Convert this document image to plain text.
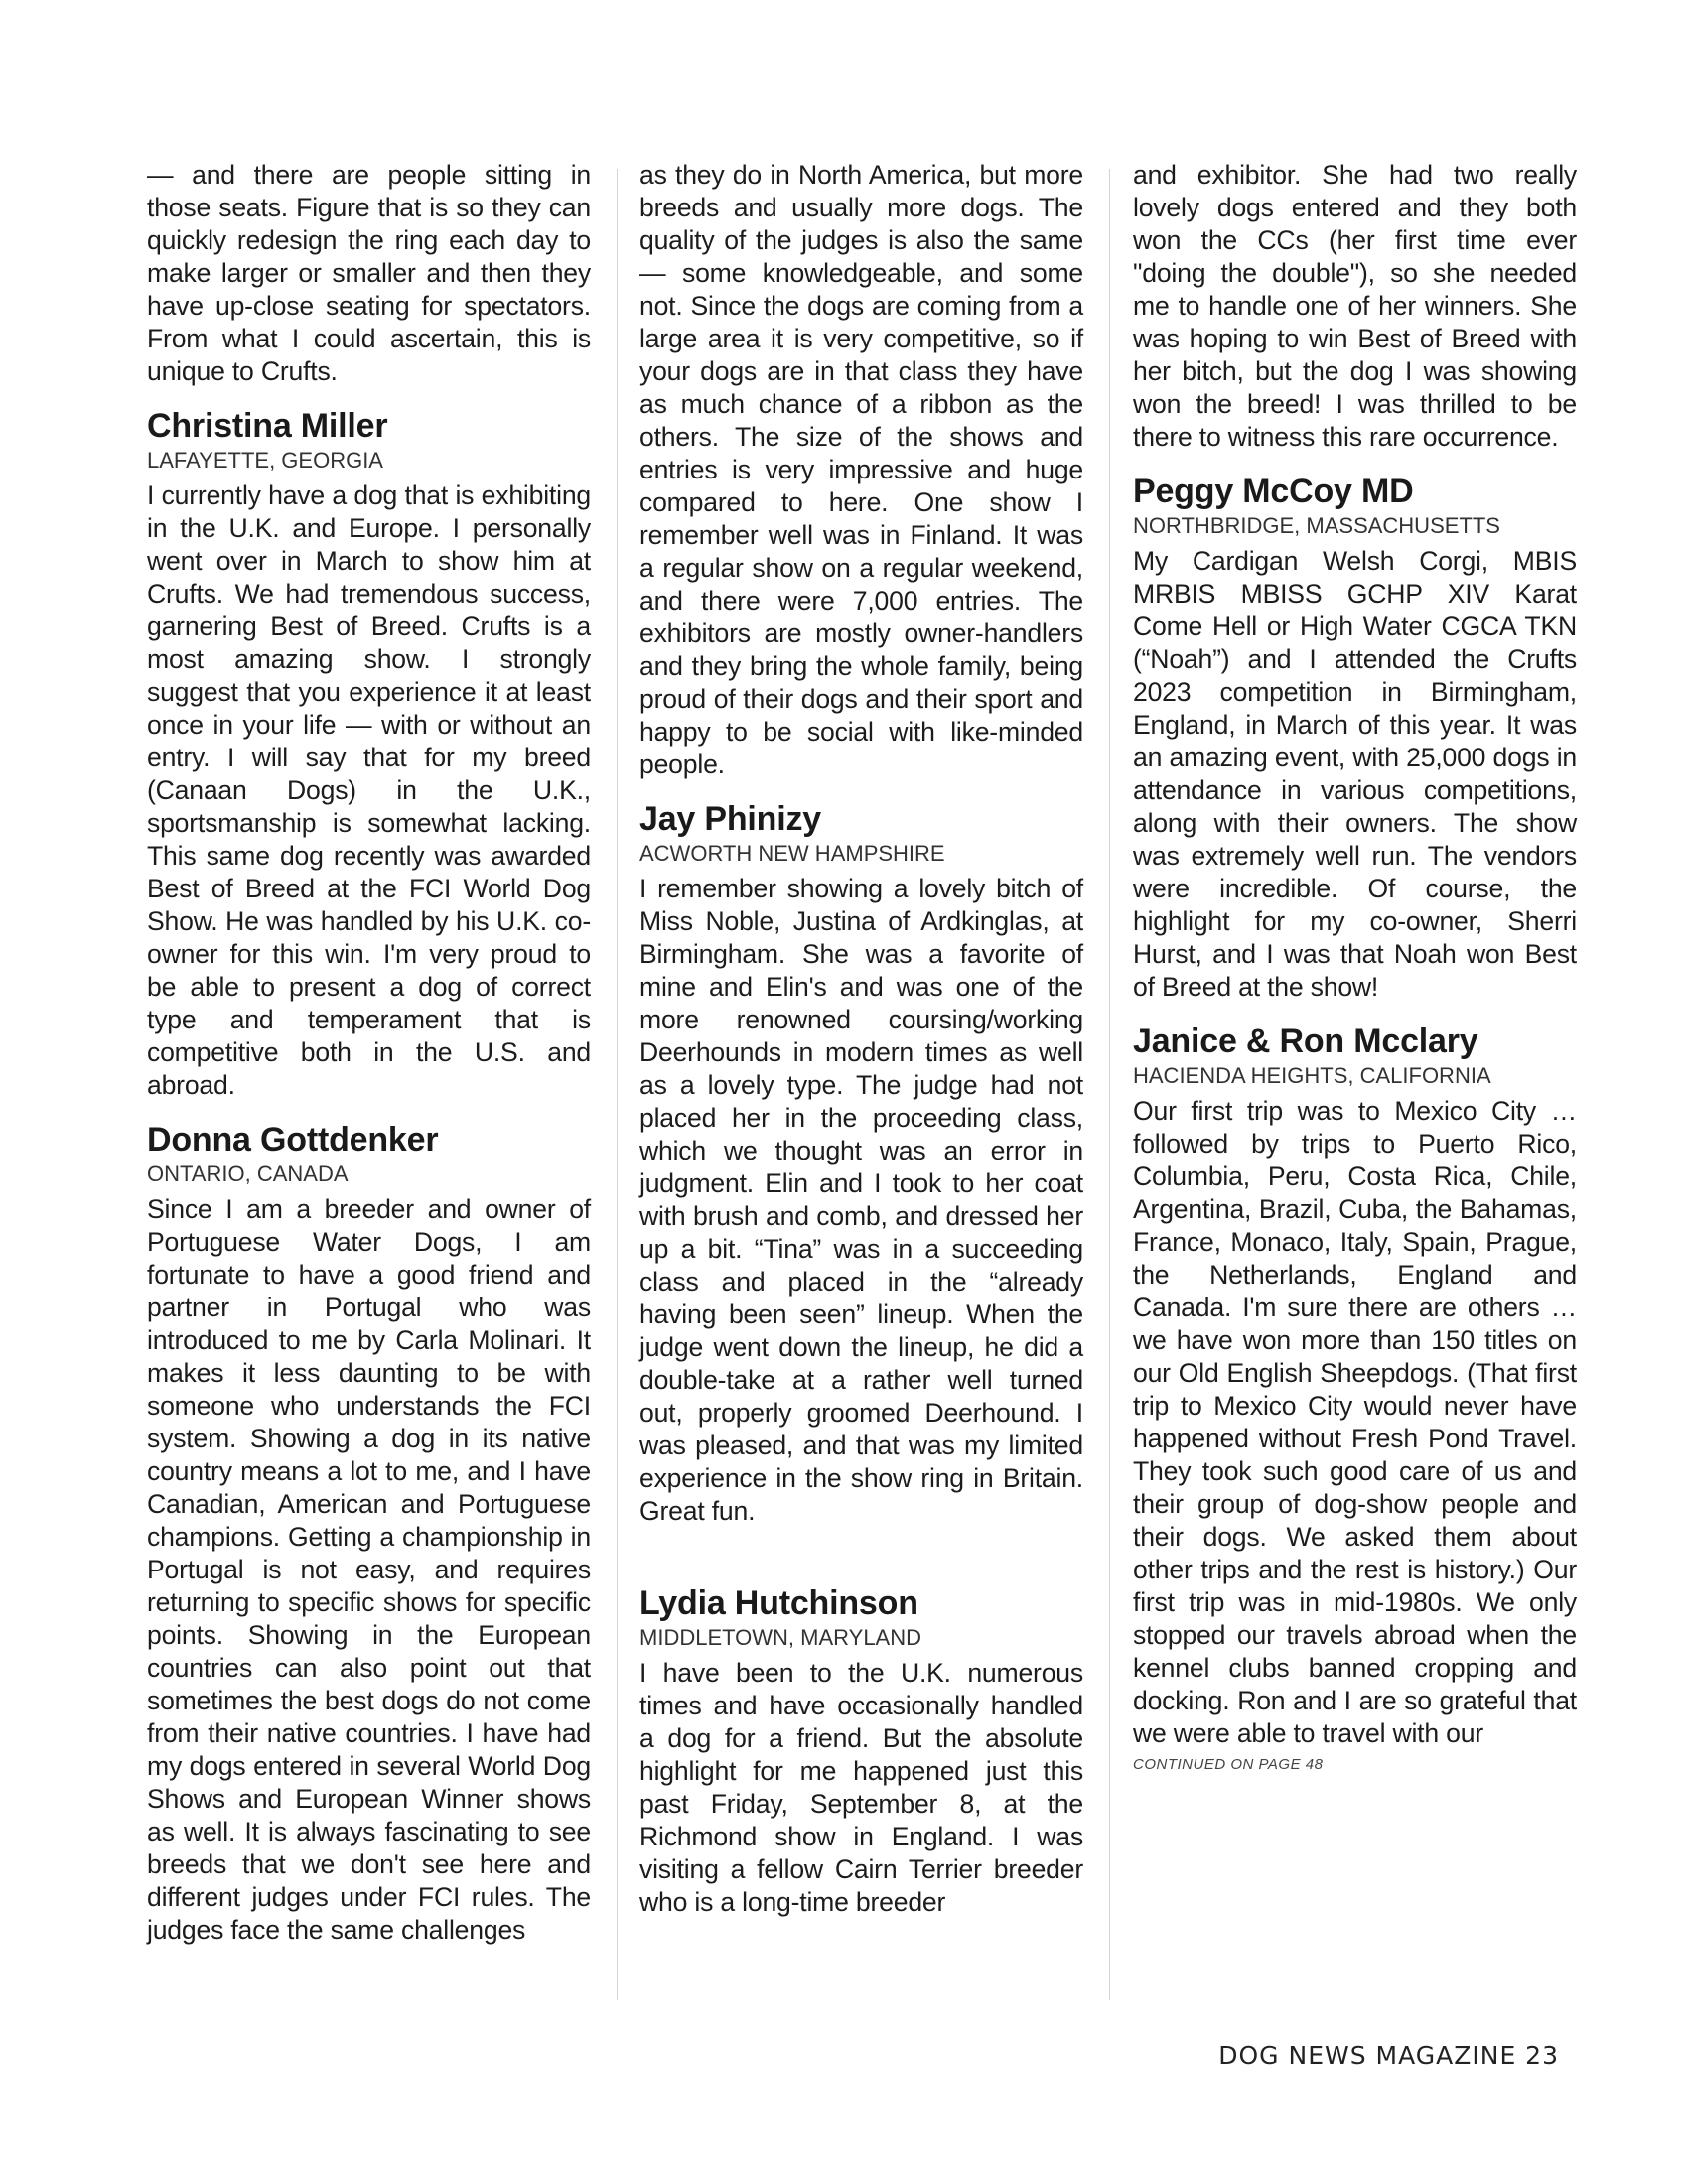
— and there are people sitting in those seats. Figure that is so they can quickly redesign the ring each day to make larger or smaller and then they have up-close seating for spectators. From what I could ascertain, this is unique to Crufts.

Christina Miller
LAFAYETTE, GEORGIA

I currently have a dog that is exhibiting in the U.K. and Europe. I personally went over in March to show him at Crufts. We had tremendous success, garnering Best of Breed. Crufts is a most amazing show. I strongly suggest that you experience it at least once in your life — with or without an entry. I will say that for my breed (Canaan Dogs) in the U.K., sportsmanship is somewhat lacking. This same dog recently was awarded Best of Breed at the FCI World Dog Show. He was handled by his U.K. co-owner for this win. I'm very proud to be able to present a dog of correct type and temperament that is competitive both in the U.S. and abroad.

Donna Gottdenker
ONTARIO, CANADA

Since I am a breeder and owner of Portuguese Water Dogs, I am fortunate to have a good friend and partner in Portugal who was introduced to me by Carla Molinari. It makes it less daunting to be with someone who understands the FCI system. Showing a dog in its native country means a lot to me, and I have Canadian, American and Portuguese champions. Getting a championship in Portugal is not easy, and requires returning to specific shows for specific points. Showing in the European countries can also point out that sometimes the best dogs do not come from their native countries. I have had my dogs entered in several World Dog Shows and European Winner shows as well. It is always fascinating to see breeds that we don't see here and different judges under FCI rules. The judges face the same challenges

as they do in North America, but more breeds and usually more dogs. The quality of the judges is also the same — some knowledgeable, and some not. Since the dogs are coming from a large area it is very competitive, so if your dogs are in that class they have as much chance of a ribbon as the others. The size of the shows and entries is very impressive and huge compared to here. One show I remember well was in Finland. It was a regular show on a regular weekend, and there were 7,000 entries. The exhibitors are mostly owner-handlers and they bring the whole family, being proud of their dogs and their sport and happy to be social with like-minded people.

Jay Phinizy
ACWORTH NEW HAMPSHIRE

I remember showing a lovely bitch of Miss Noble, Justina of Ardkinglas, at Birmingham. She was a favorite of mine and Elin's and was one of the more renowned coursing/working Deerhounds in modern times as well as a lovely type. The judge had not placed her in the proceeding class, which we thought was an error in judgment. Elin and I took to her coat with brush and comb, and dressed her up a bit. “Tina” was in a succeeding class and placed in the “already having been seen” lineup. When the judge went down the lineup, he did a double-take at a rather well turned out, properly groomed Deerhound. I was pleased, and that was my limited experience in the show ring in Britain. Great fun.

Lydia Hutchinson
MIDDLETOWN, MARYLAND

I have been to the U.K. numerous times and have occasionally handled a dog for a friend. But the absolute highlight for me happened just this past Friday, September 8, at the Richmond show in England. I was visiting a fellow Cairn Terrier breeder who is a long-time breeder

and exhibitor. She had two really lovely dogs entered and they both won the CCs (her first time ever "doing the double"), so she needed me to handle one of her winners. She was hoping to win Best of Breed with her bitch, but the dog I was showing won the breed! I was thrilled to be there to witness this rare occurrence.

Peggy McCoy MD
NORTHBRIDGE, MASSACHUSETTS

My Cardigan Welsh Corgi, MBIS MRBIS MBISS GCHP XIV Karat Come Hell or High Water CGCA TKN (“Noah”) and I attended the Crufts 2023 competition in Birmingham, England, in March of this year. It was an amazing event, with 25,000 dogs in attendance in various competitions, along with their owners. The show was extremely well run. The vendors were incredible. Of course, the highlight for my co-owner, Sherri Hurst, and I was that Noah won Best of Breed at the show!

Janice & Ron Mcclary
HACIENDA HEIGHTS, CALIFORNIA

Our first trip was to Mexico City … followed by trips to Puerto Rico, Columbia, Peru, Costa Rica, Chile, Argentina, Brazil, Cuba, the Bahamas, France, Monaco, Italy, Spain, Prague, the Netherlands, England and Canada. I'm sure there are others … we have won more than 150 titles on our Old English Sheepdogs. (That first trip to Mexico City would never have happened without Fresh Pond Travel. They took such good care of us and their group of dog-show people and their dogs. We asked them about other trips and the rest is history.) Our first trip was in mid-1980s. We only stopped our travels abroad when the kennel clubs banned cropping and docking. Ron and I are so grateful that we were able to travel with our

CONTINUED ON PAGE 48
DOG NEWS MAGAZINE 23
